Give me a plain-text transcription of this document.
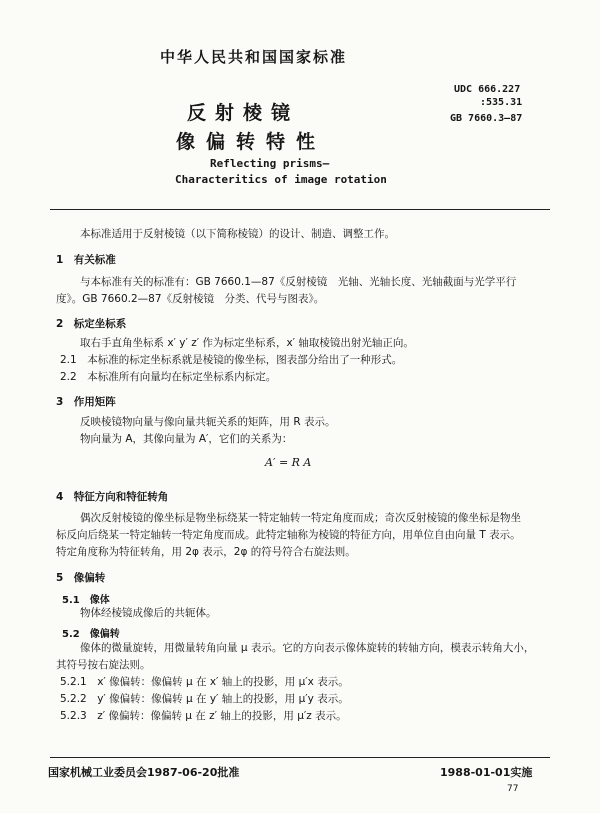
中华人民共和国国家标准
UDC 666.227
:535.31
GB 7660.3—87
反射棱镜
像偏转特性
Reflecting prisms—
Characteritics of image rotation
本标准适用于反射棱镜（以下简称棱镜）的设计、制造、调整工作。
1　有关标准
与本标准有关的标准有：GB 7660.1—87《反射棱镜　光轴、光轴长度、光轴截面与光学平行
度》。GB 7660.2—87《反射棱镜　分类、代号与图表》。
2　标定坐标系
取右手直角坐标系 x′ y′ z′ 作为标定坐标系，x′ 轴取棱镜出射光轴正向。
2.1　本标准的标定坐标系就是棱镜的像坐标，图表部分给出了一种形式。
2.2　本标准所有向量均在标定坐标系内标定。
3　作用矩阵
反映棱镜物向量与像向量共轭关系的矩阵，用 R 表示。
物向量为 A，其像向量为 A′，它们的关系为：
A′ = R A
4　特征方向和特征转角
偶次反射棱镜的像坐标是物坐标绕某一特定轴转一特定角度而成；奇次反射棱镜的像坐标是物坐
标反向后绕某一特定轴转一特定角度而成。此特定轴称为棱镜的特征方向，用单位自由向量 T 表示。
特定角度称为特征转角，用 2φ 表示，2φ 的符号符合右旋法则。
5　像偏转
5.1　像体
物体经棱镜成像后的共轭体。
5.2　像偏转
像体的微量旋转，用微量转角向量 μ 表示。它的方向表示像体旋转的转轴方向，模表示转角大小，
其符号按右旋法则。
5.2.1　x′ 像偏转：像偏转 μ 在 x′ 轴上的投影，用 μ′x 表示。
5.2.2　y′ 像偏转：像偏转 μ 在 y′ 轴上的投影，用 μ′y 表示。
5.2.3　z′ 像偏转：像偏转 μ 在 z′ 轴上的投影，用 μ′z 表示。
国家机械工业委员会1987-06-20批准	1988-01-01实施
77
